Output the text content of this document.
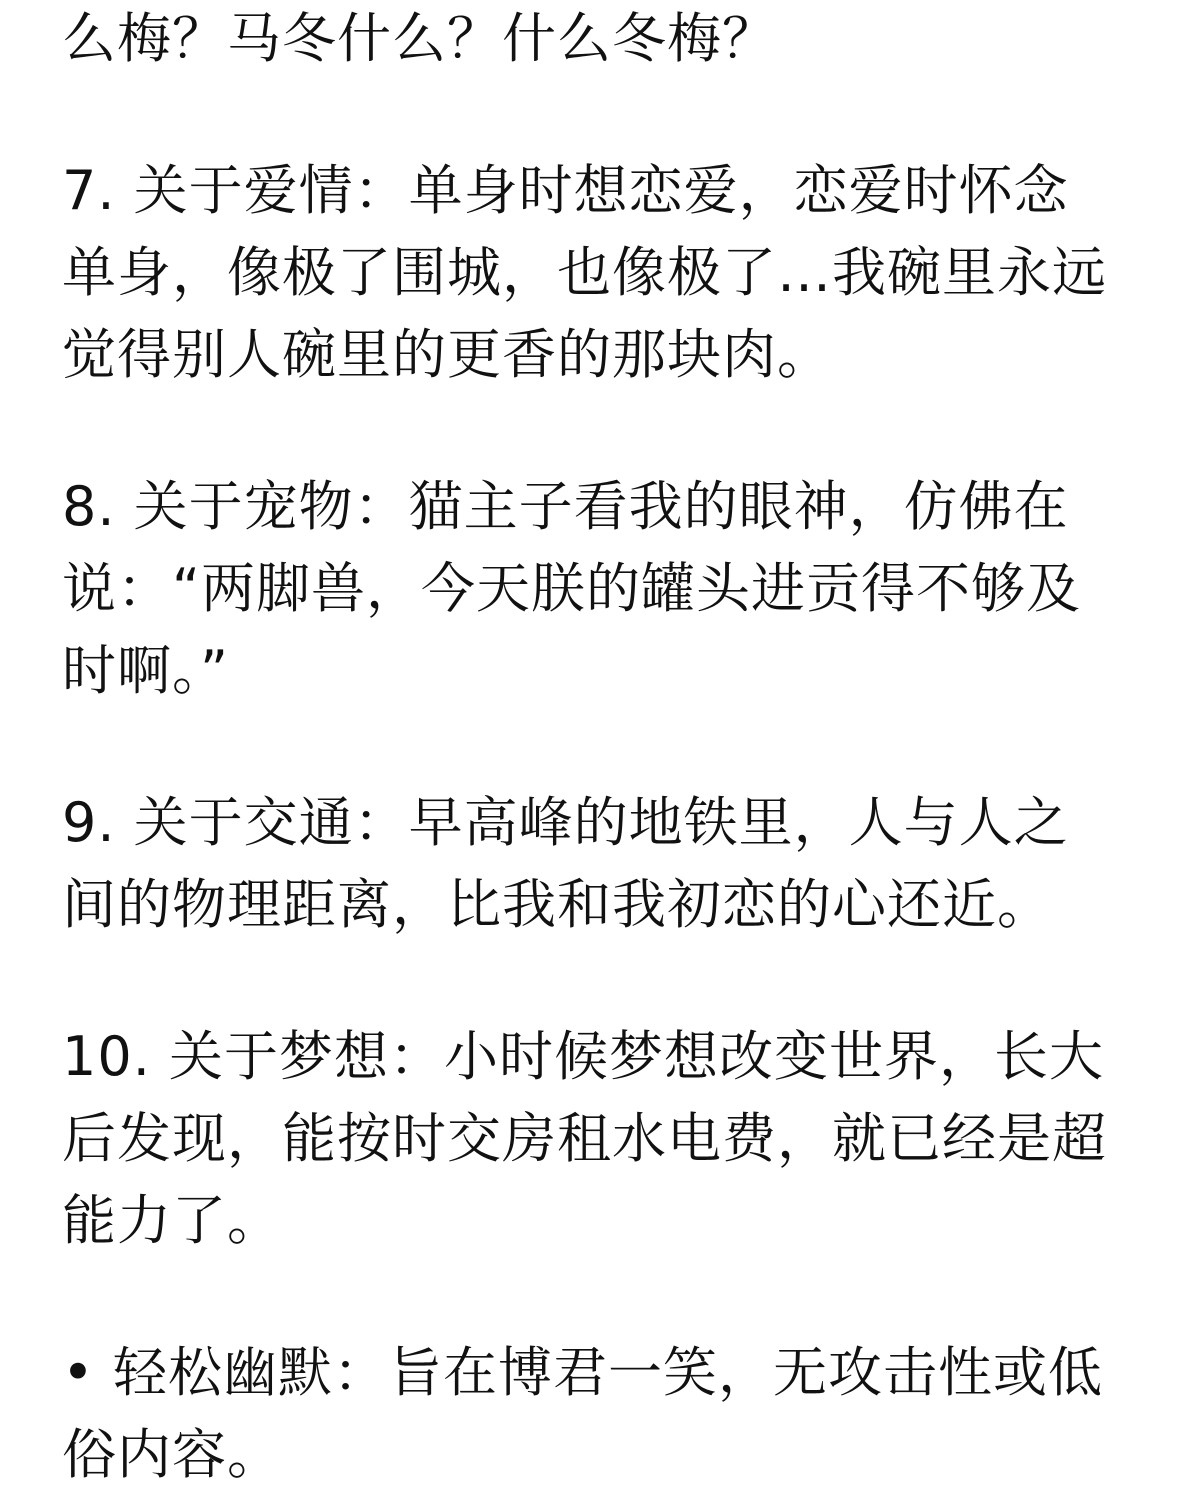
么梅？马冬什么？什么冬梅？

7. 关于爱情：单身时想恋爱，恋爱时怀念单身，像极了围城，也像极了…我碗里永远觉得别人碗里的更香的那块肉。

8. 关于宠物：猫主子看我的眼神，仿佛在说：“两脚兽，今天朕的罐头进贡得不够及时啊。”

9. 关于交通：早高峰的地铁里，人与人之间的物理距离，比我和我初恋的心还近。

10. 关于梦想：小时候梦想改变世界，长大后发现，能按时交房租水电费，就已经是超能力了。

• 轻松幽默：旨在博君一笑，无攻击性或低俗内容。
